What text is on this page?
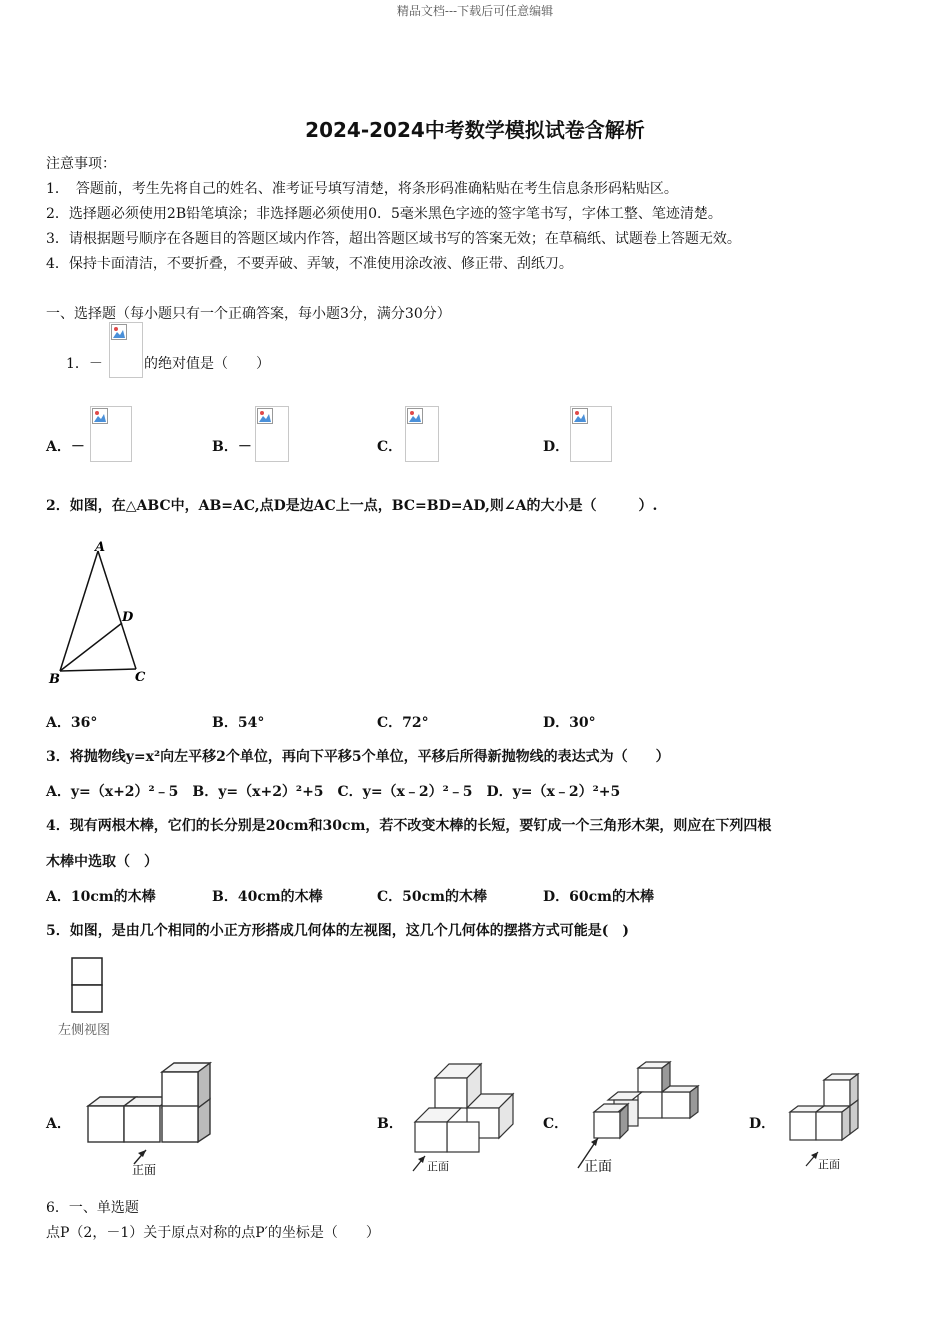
精品文档---下载后可任意编辑
2024-2024中考数学模拟试卷含解析
注意事项：
1．　答题前，考生先将自己的姓名、准考证号填写清楚，将条形码准确粘贴在考生信息条形码粘贴区。
2．选择题必须使用2B铅笔填涂；非选择题必须使用0．5毫米黑色字迹的签字笔书写，字体工整、笔迹清楚。
3．请根据题号顺序在各题目的答题区域内作答，超出答题区域书写的答案无效；在草稿纸、试题卷上答题无效。
4．保持卡面清洁，不要折叠，不要弄破、弄皱，不准使用涂改液、修正带、刮纸刀。
一、选择题（每小题只有一个正确答案，每小题3分，满分30分）
1．－	的绝对值是（　　）
A．－	B．－	C．	D．
2．如图，在△ABC中，AB=AC,点D是边AC上一点，BC=BD=AD,则∠A的大小是（　　　）.
A
D
B	C
A．36°	B．54°	C．72°	D．30°
3．将抛物线y=x²向左平移2个单位，再向下平移5个单位，平移后所得新抛物线的表达式为（　　）
A．y=（x+2）²﹣5　B．y=（x+2）²+5　C．y=（x﹣2）²﹣5　D．y=（x﹣2）²+5
4．现有两根木棒，它们的长分别是20cm和30cm，若不改变木棒的长短，要钉成一个三角形木架，则应在下列四根
木棒中选取（　）
A．10cm的木棒	B．40cm的木棒	C．50cm的木棒	D．60cm的木棒
5．如图，是由几个相同的小正方形搭成几何体的左视图，这几个几何体的摆搭方式可能是(　)
左侧视图
A．
正面
B．
正面
C．
正面
D．
正面
6．一、单选题
点P（2，－1）关于原点对称的点P′的坐标是（　　）
